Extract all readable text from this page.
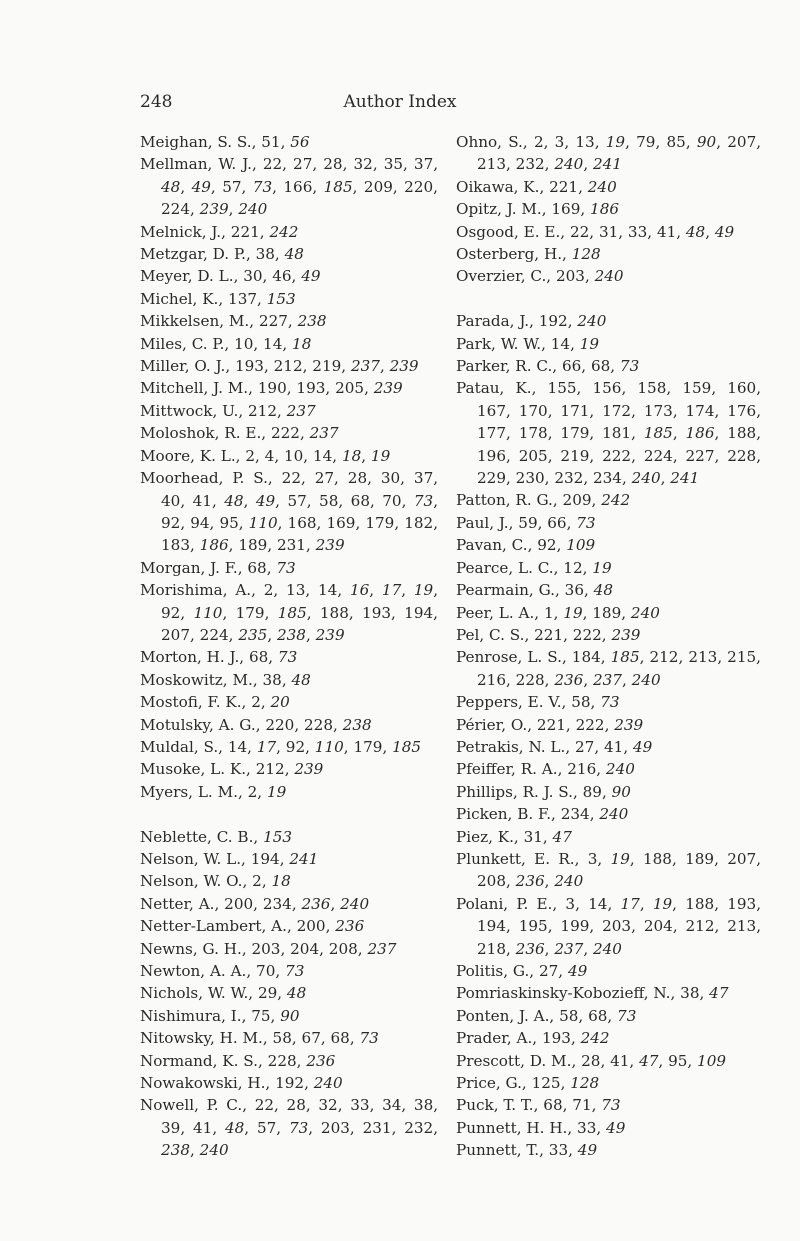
248	Author Index
Meighan, S. S., 51, 56
Mellman, W. J., 22, 27, 28, 32, 35, 37, 48, 49, 57, 73, 166, 185, 209, 220, 224, 239, 240
Melnick, J., 221, 242
Metzgar, D. P., 38, 48
Meyer, D. L., 30, 46, 49
Michel, K., 137, 153
Mikkelsen, M., 227, 238
Miles, C. P., 10, 14, 18
Miller, O. J., 193, 212, 219, 237, 239
Mitchell, J. M., 190, 193, 205, 239
Mittwock, U., 212, 237
Moloshok, R. E., 222, 237
Moore, K. L., 2, 4, 10, 14, 18, 19
Moorhead, P. S., 22, 27, 28, 30, 37, 40, 41, 48, 49, 57, 58, 68, 70, 73, 92, 94, 95, 110, 168, 169, 179, 182, 183, 186, 189, 231, 239
Morgan, J. F., 68, 73
Morishima, A., 2, 13, 14, 16, 17, 19, 92, 110, 179, 185, 188, 193, 194, 207, 224, 235, 238, 239
Morton, H. J., 68, 73
Moskowitz, M., 38, 48
Mostofi, F. K., 2, 20
Motulsky, A. G., 220, 228, 238
Muldal, S., 14, 17, 92, 110, 179, 185
Musoke, L. K., 212, 239
Myers, L. M., 2, 19
Neblette, C. B., 153
Nelson, W. L., 194, 241
Nelson, W. O., 2, 18
Netter, A., 200, 234, 236, 240
Netter-Lambert, A., 200, 236
Newns, G. H., 203, 204, 208, 237
Newton, A. A., 70, 73
Nichols, W. W., 29, 48
Nishimura, I., 75, 90
Nitowsky, H. M., 58, 67, 68, 73
Normand, K. S., 228, 236
Nowakowski, H., 192, 240
Nowell, P. C., 22, 28, 32, 33, 34, 38, 39, 41, 48, 57, 73, 203, 231, 232, 238, 240
Ohno, S., 2, 3, 13, 19, 79, 85, 90, 207, 213, 232, 240, 241
Oikawa, K., 221, 240
Opitz, J. M., 169, 186
Osgood, E. E., 22, 31, 33, 41, 48, 49
Osterberg, H., 128
Overzier, C., 203, 240
Parada, J., 192, 240
Park, W. W., 14, 19
Parker, R. C., 66, 68, 73
Patau, K., 155, 156, 158, 159, 160, 167, 170, 171, 172, 173, 174, 176, 177, 178, 179, 181, 185, 186, 188, 196, 205, 219, 222, 224, 227, 228, 229, 230, 232, 234, 240, 241
Patton, R. G., 209, 242
Paul, J., 59, 66, 73
Pavan, C., 92, 109
Pearce, L. C., 12, 19
Pearmain, G., 36, 48
Peer, L. A., 1, 19, 189, 240
Pel, C. S., 221, 222, 239
Penrose, L. S., 184, 185, 212, 213, 215, 216, 228, 236, 237, 240
Peppers, E. V., 58, 73
Périer, O., 221, 222, 239
Petrakis, N. L., 27, 41, 49
Pfeiffer, R. A., 216, 240
Phillips, R. J. S., 89, 90
Picken, B. F., 234, 240
Piez, K., 31, 47
Plunkett, E. R., 3, 19, 188, 189, 207, 208, 236, 240
Polani, P. E., 3, 14, 17, 19, 188, 193, 194, 195, 199, 203, 204, 212, 213, 218, 236, 237, 240
Politis, G., 27, 49
Pomriaskinsky-Kobozieff, N., 38, 47
Ponten, J. A., 58, 68, 73
Prader, A., 193, 242
Prescott, D. M., 28, 41, 47, 95, 109
Price, G., 125, 128
Puck, T. T., 68, 71, 73
Punnett, H. H., 33, 49
Punnett, T., 33, 49
